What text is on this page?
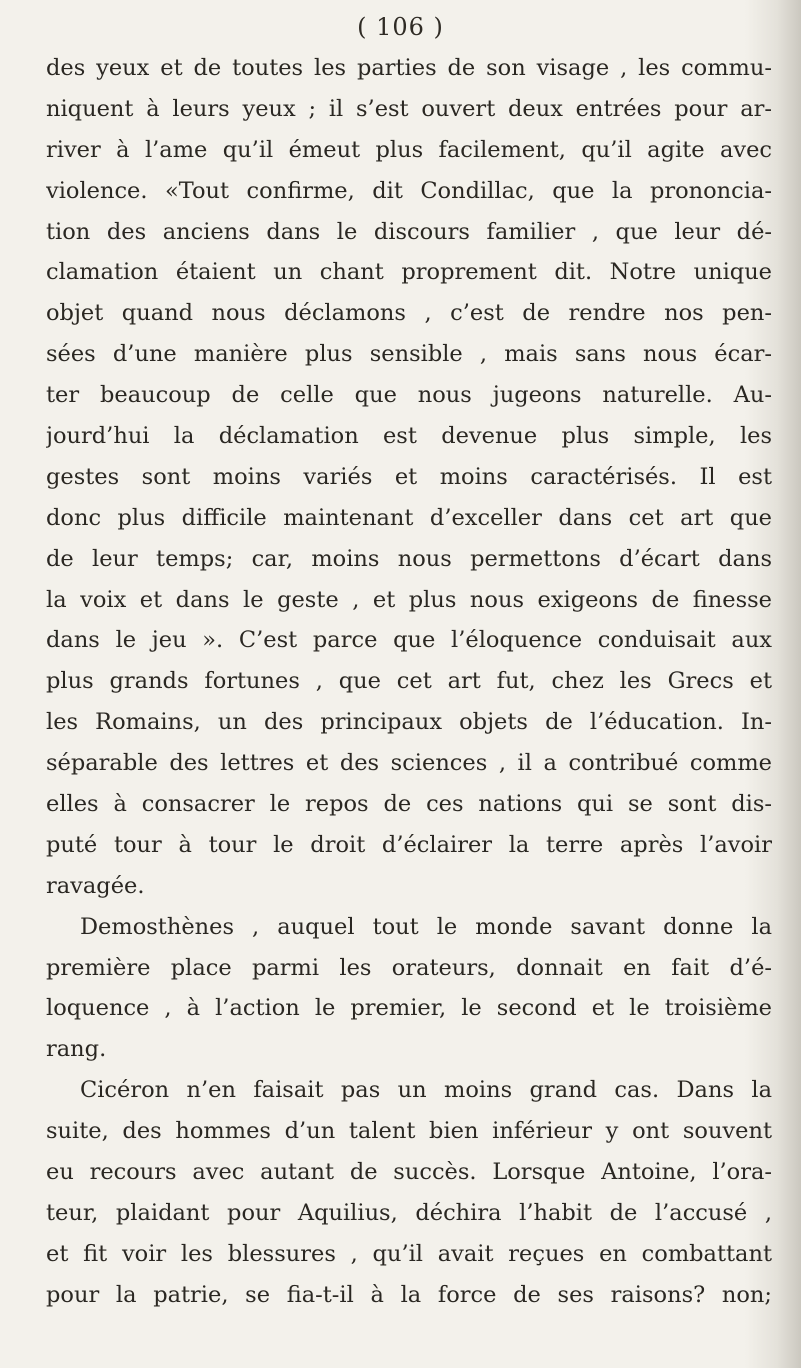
( 106 )
des yeux et de toutes les parties de son visage , les commu-
niquent à leurs yeux ; il s’est ouvert deux entrées pour ar-
river à l’ame qu’il émeut plus facilement, qu’il agite avec
violence. «Tout confirme, dit Condillac, que la prononcia-
tion des anciens dans le discours familier , que leur dé-
clamation étaient un chant proprement dit. Notre unique
objet quand nous déclamons , c’est de rendre nos pen-
sées d’une manière plus sensible , mais sans nous écar-
ter beaucoup de celle que nous jugeons naturelle. Au-
jourd’hui la déclamation est devenue plus simple, les
gestes sont moins variés et moins caractérisés. Il est
donc plus difficile maintenant d’exceller dans cet art que
de leur temps; car, moins nous permettons d’écart dans
la voix et dans le geste , et plus nous exigeons de finesse
dans le jeu ». C’est parce que l’éloquence conduisait aux
plus grands fortunes , que cet art fut, chez les Grecs et
les Romains, un des principaux objets de l’éducation. In-
séparable des lettres et des sciences , il a contribué comme
elles à consacrer le repos de ces nations qui se sont dis-
puté tour à tour le droit d’éclairer la terre après l’avoir
ravagée.
Demosthènes , auquel tout le monde savant donne la
première place parmi les orateurs, donnait en fait d’é-
loquence , à l’action le premier, le second et le troisième
rang.
Cicéron n’en faisait pas un moins grand cas. Dans la
suite, des hommes d’un talent bien inférieur y ont souvent
eu recours avec autant de succès. Lorsque Antoine, l’ora-
teur, plaidant pour Aquilius, déchira l’habit de l’accusé ,
et fit voir les blessures , qu’il avait reçues en combattant
pour la patrie, se fia-t-il à la force de ses raisons? non;
